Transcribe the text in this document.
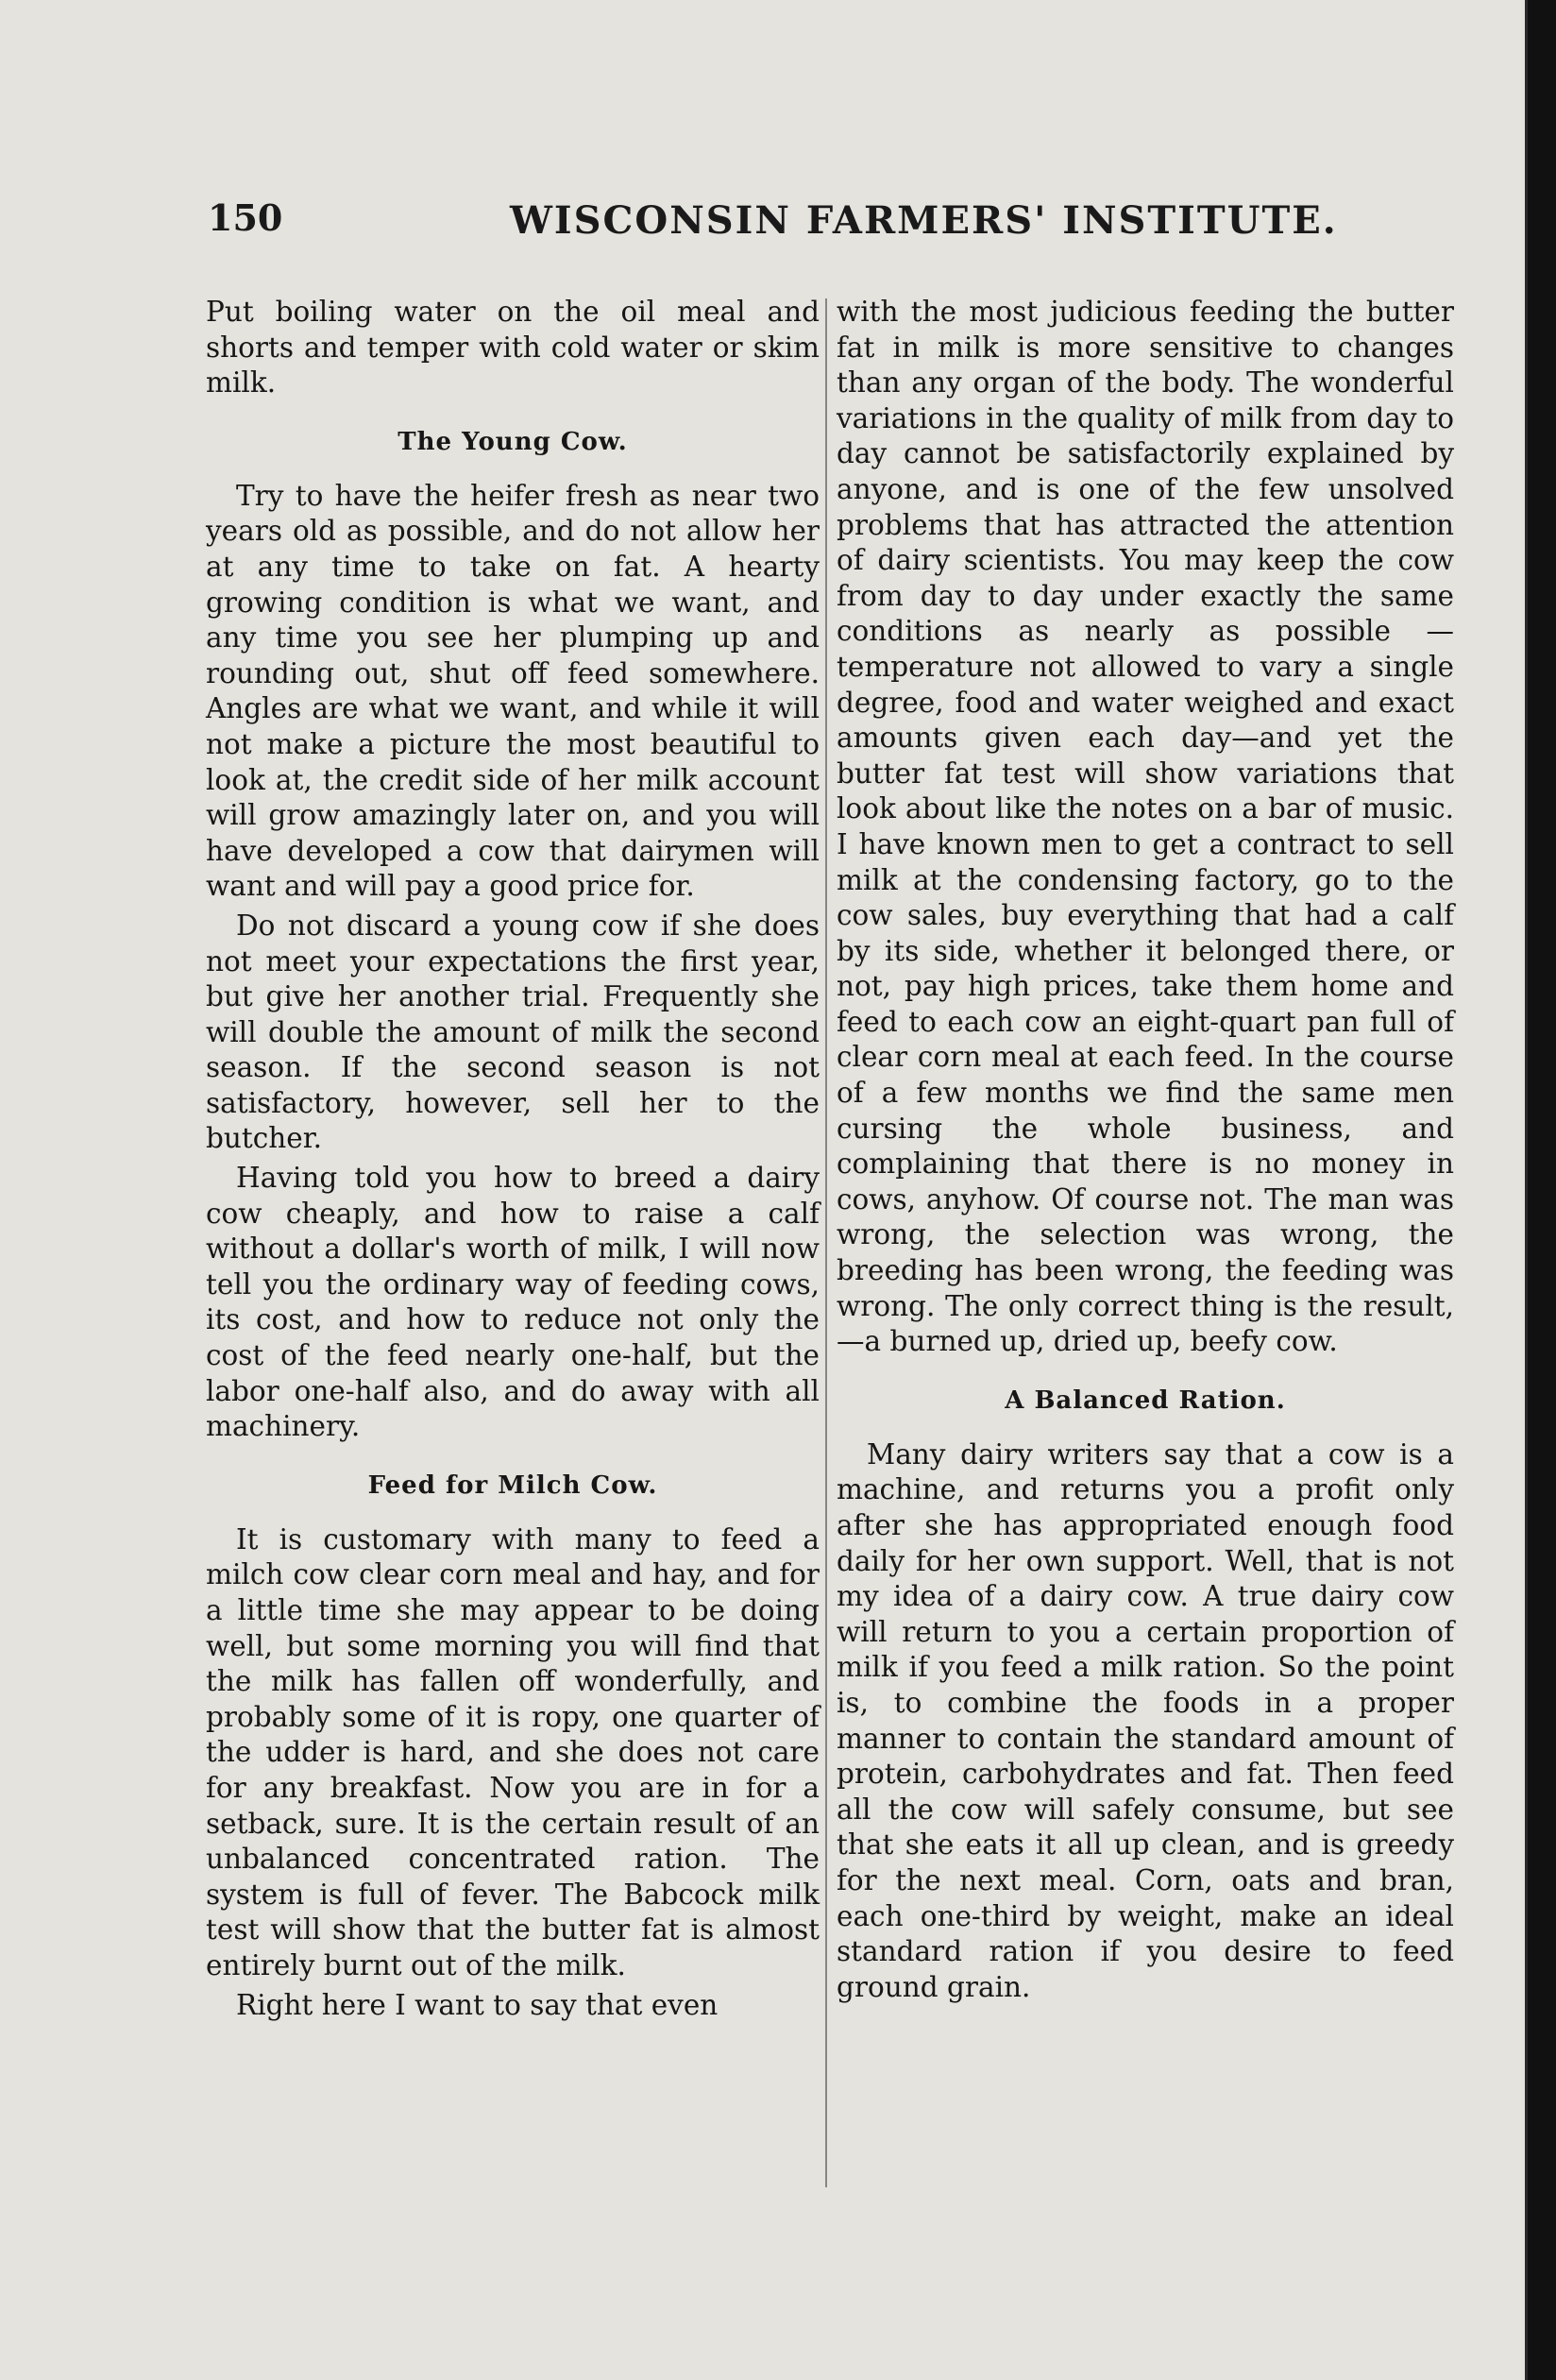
150	WISCONSIN FARMERS' INSTITUTE.

Put boiling water on the oil meal and shorts and temper with cold water or skim milk.

The Young Cow.

Try to have the heifer fresh as near two years old as possible, and do not allow her at any time to take on fat. A hearty growing condition is what we want, and any time you see her plumping up and rounding out, shut off feed somewhere. Angles are what we want, and while it will not make a picture the most beautiful to look at, the credit side of her milk account will grow amazingly later on, and you will have developed a cow that dairymen will want and will pay a good price for.

Do not discard a young cow if she does not meet your expectations the first year, but give her another trial. Frequently she will double the amount of milk the second season. If the second season is not satisfactory, however, sell her to the butcher.

Having told you how to breed a dairy cow cheaply, and how to raise a calf without a dollar's worth of milk, I will now tell you the ordinary way of feeding cows, its cost, and how to reduce not only the cost of the feed nearly one-half, but the labor one-half also, and do away with all machinery.

Feed for Milch Cow.

It is customary with many to feed a milch cow clear corn meal and hay, and for a little time she may appear to be doing well, but some morning you will find that the milk has fallen off wonderfully, and probably some of it is ropy, one quarter of the udder is hard, and she does not care for any breakfast. Now you are in for a setback, sure. It is the certain result of an unbalanced concentrated ration. The system is full of fever. The Babcock milk test will show that the butter fat is almost entirely burnt out of the milk.

Right here I want to say that even

with the most judicious feeding the butter fat in milk is more sensitive to changes than any organ of the body. The wonderful variations in the quality of milk from day to day cannot be satisfactorily explained by anyone, and is one of the few unsolved problems that has attracted the attention of dairy scientists. You may keep the cow from day to day under exactly the same conditions as nearly as possible —temperature not allowed to vary a single degree, food and water weighed and exact amounts given each day—and yet the butter fat test will show variations that look about like the notes on a bar of music. I have known men to get a contract to sell milk at the condensing factory, go to the cow sales, buy everything that had a calf by its side, whether it belonged there, or not, pay high prices, take them home and feed to each cow an eight-quart pan full of clear corn meal at each feed. In the course of a few months we find the same men cursing the whole business, and complaining that there is no money in cows, anyhow. Of course not. The man was wrong, the selection was wrong, the breeding has been wrong, the feeding was wrong. The only correct thing is the result,—a burned up, dried up, beefy cow.

A Balanced Ration.

Many dairy writers say that a cow is a machine, and returns you a profit only after she has appropriated enough food daily for her own support. Well, that is not my idea of a dairy cow. A true dairy cow will return to you a certain proportion of milk if you feed a milk ration. So the point is, to combine the foods in a proper manner to contain the standard amount of protein, carbohydrates and fat. Then feed all the cow will safely consume, but see that she eats it all up clean, and is greedy for the next meal. Corn, oats and bran, each one-third by weight, make an ideal standard ration if you desire to feed ground grain.
